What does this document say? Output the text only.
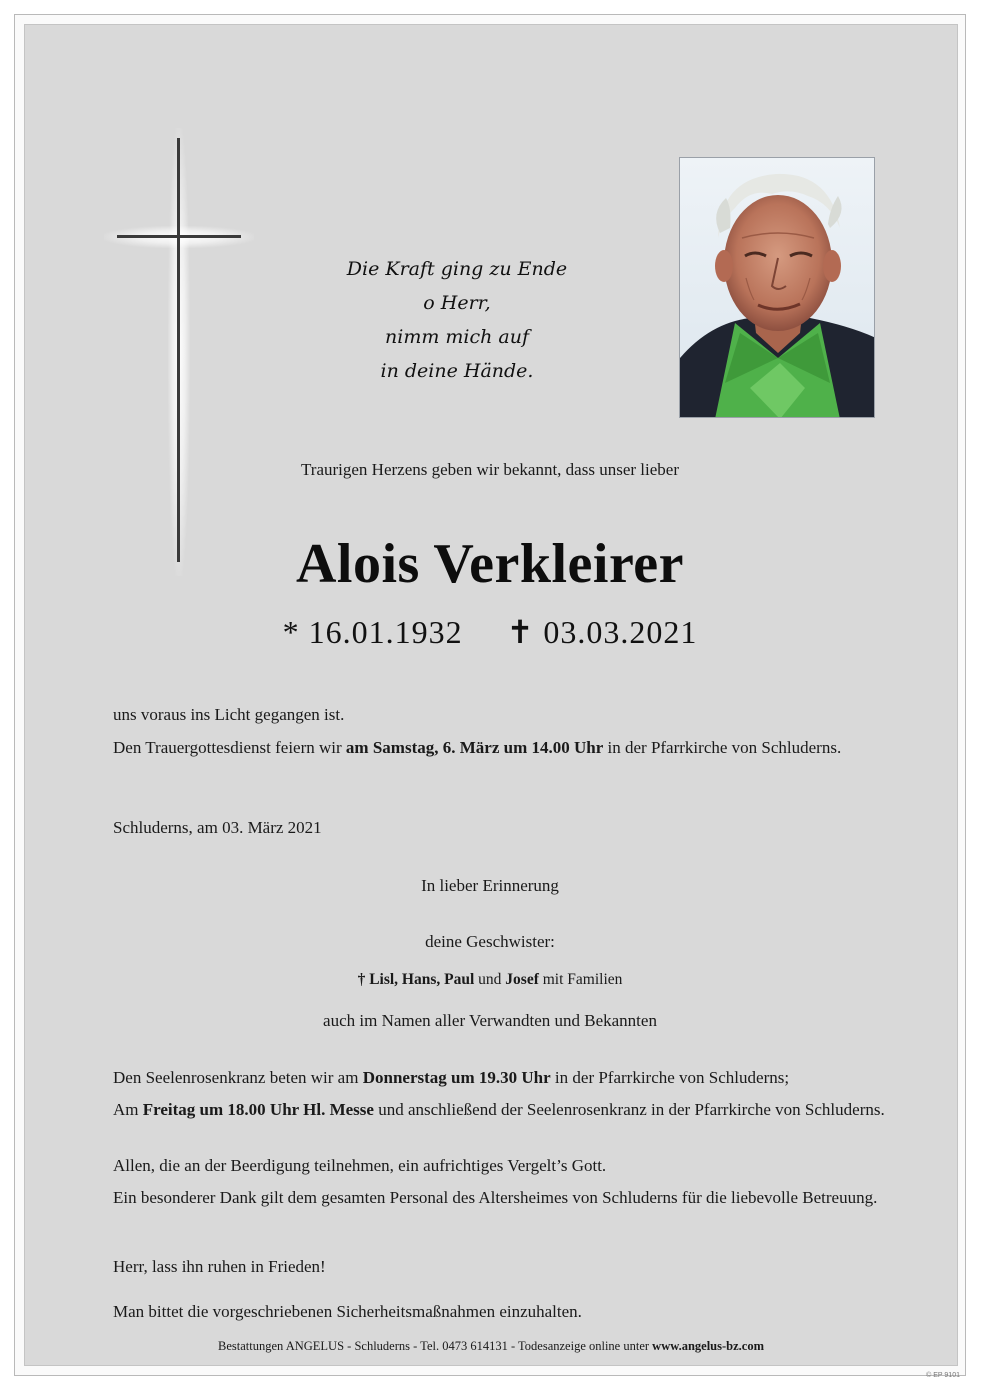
Die Kraft ging zu Ende
o Herr,
nimm mich auf
in deine Hände.
Traurigen Herzens geben wir bekannt, dass unser lieber
Alois Verkleirer
* 16.01.1932 ✝ 03.03.2021
uns voraus ins Licht gegangen ist.
Den Trauergottesdienst feiern wir am Samstag, 6. März um 14.00 Uhr in der Pfarrkirche von Schluderns.
Schluderns, am 03. März 2021
In lieber Erinnerung
deine Geschwister:
† Lisl, Hans, Paul und Josef mit Familien
auch im Namen aller Verwandten und Bekannten
Den Seelenrosenkranz beten wir am Donnerstag um 19.30 Uhr in der Pfarrkirche von Schluderns;
Am Freitag um 18.00 Uhr Hl. Messe und anschließend der Seelenrosenkranz in der Pfarrkirche von Schluderns.
Allen, die an der Beerdigung teilnehmen, ein aufrichtiges Vergelt’s Gott.
Ein besonderer Dank gilt dem gesamten Personal des Altersheimes von Schluderns für die liebevolle Betreuung.
Herr, lass ihn ruhen in Frieden!
Man bittet die vorgeschriebenen Sicherheitsmaßnahmen einzuhalten.
Bestattungen ANGELUS - Schluderns - Tel. 0473 614131 - Todesanzeige online unter www.angelus-bz.com
© EP 9101
